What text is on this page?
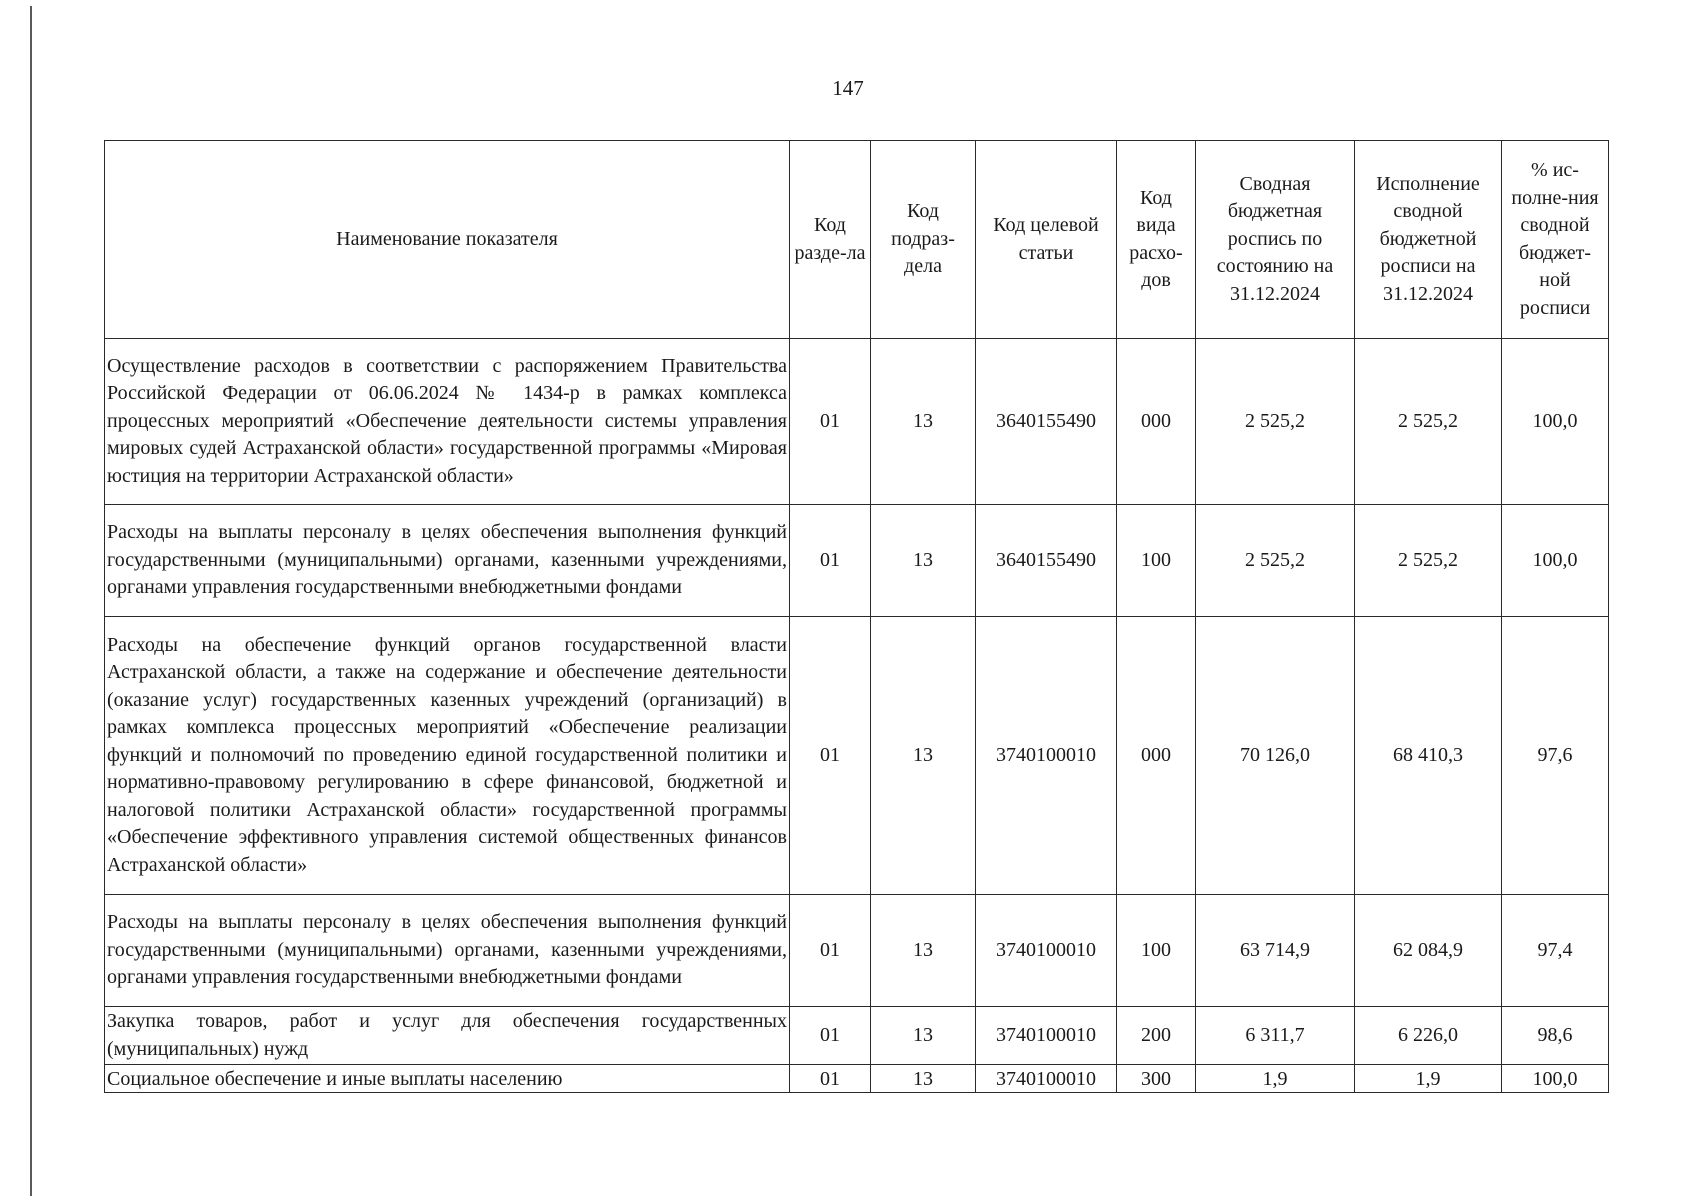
147
Наименование показателя	Код разде-ла	Код подраз-дела	Код целевой статьи	Код вида расхо-дов	Сводная бюджетная роспись по состоянию на 31.12.2024	Исполнение сводной бюджетной росписи на 31.12.2024	% ис-полне-ния сводной бюджет-ной росписи
Осуществление расходов в соответствии с распоряжением Правительства Российской Федерации от 06.06.2024 № 1434-р в рамках комплекса процессных мероприятий «Обеспечение деятельности системы управления мировых судей Астраханской области» государственной программы «Мировая юстиция на территории Астраханской области»	01	13	3640155490	000	2 525,2	2 525,2	100,0
Расходы на выплаты персоналу в целях обеспечения выполнения функций государственными (муниципальными) органами, казенными учреждениями, органами управления государственными внебюджетными фондами	01	13	3640155490	100	2 525,2	2 525,2	100,0
Расходы на обеспечение функций органов государственной власти Астраханской области, а также на содержание и обеспечение деятельности (оказание услуг) государственных казенных учреждений (организаций) в рамках комплекса процессных мероприятий «Обеспечение реализации функций и полномочий по проведению единой государственной политики и нормативно-правовому регулированию в сфере финансовой, бюджетной и налоговой политики Астраханской области» государственной программы «Обеспечение эффективного управления системой общественных финансов Астраханской области»	01	13	3740100010	000	70 126,0	68 410,3	97,6
Расходы на выплаты персоналу в целях обеспечения выполнения функций государственными (муниципальными) органами, казенными учреждениями, органами управления государственными внебюджетными фондами	01	13	3740100010	100	63 714,9	62 084,9	97,4
Закупка товаров, работ и услуг для обеспечения государственных (муниципальных) нужд	01	13	3740100010	200	6 311,7	6 226,0	98,6
Социальное обеспечение и иные выплаты населению	01	13	3740100010	300	1,9	1,9	100,0
